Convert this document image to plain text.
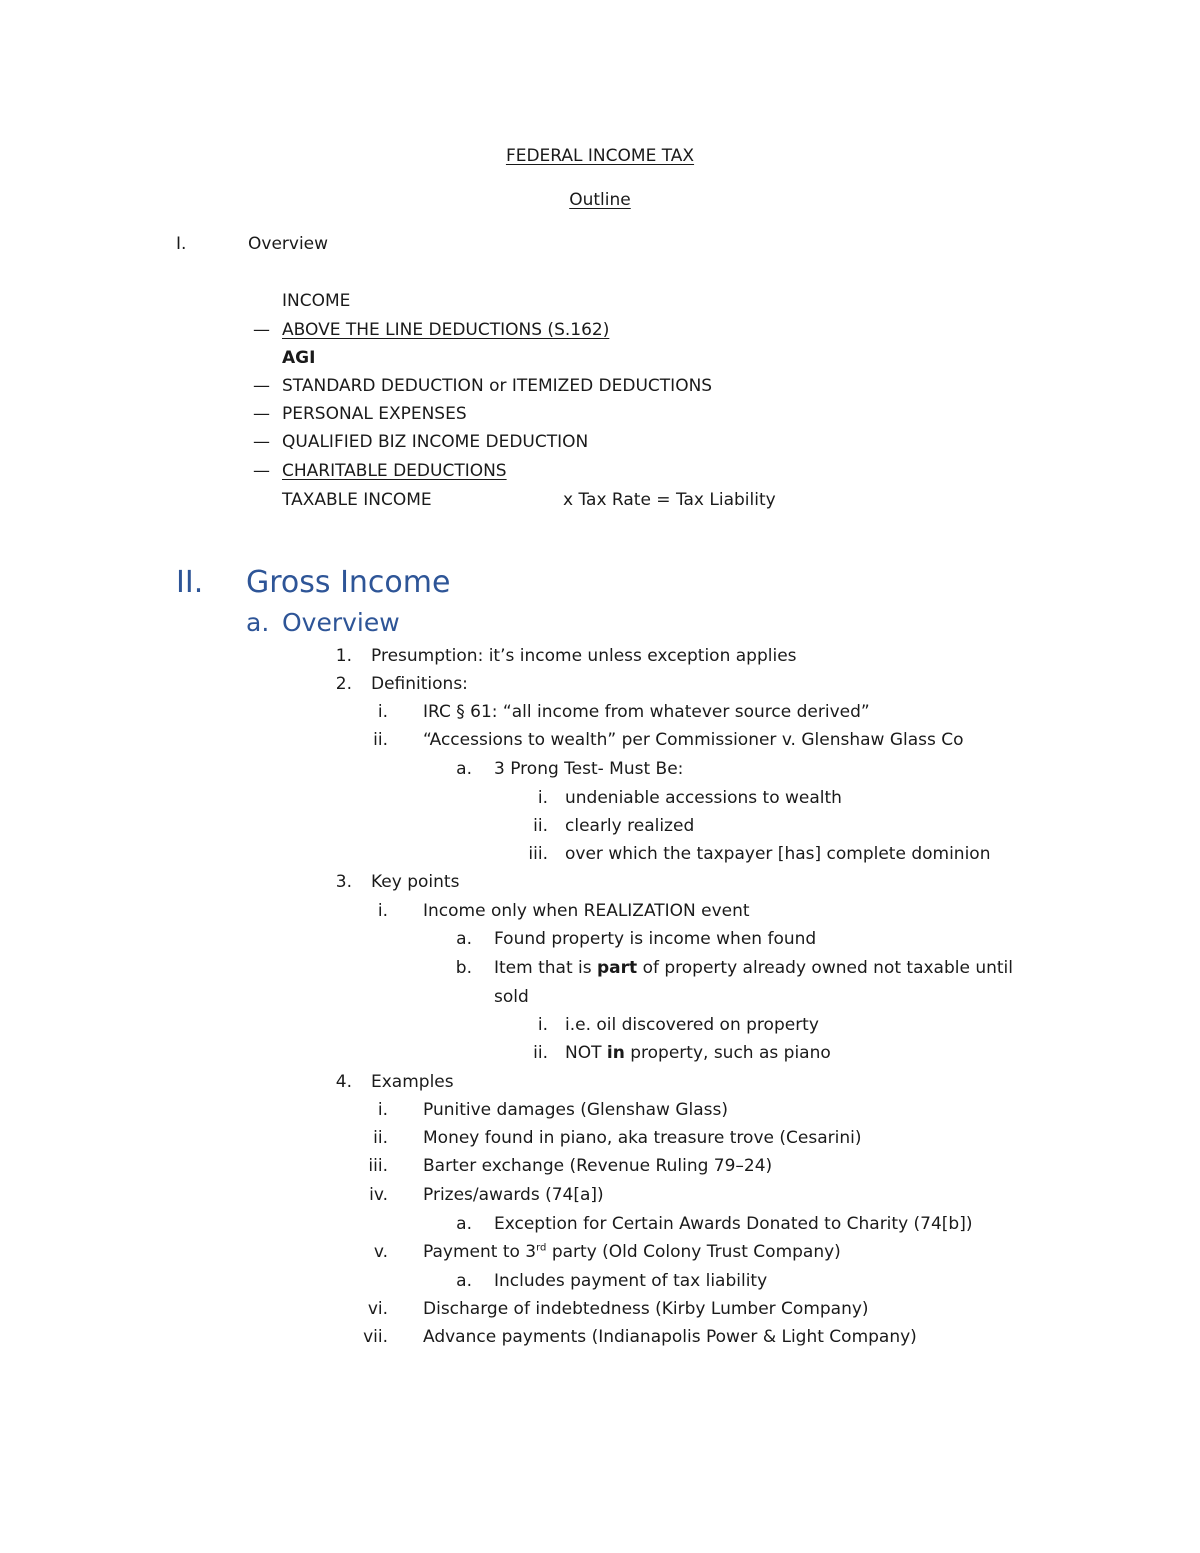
FEDERAL INCOME TAX
Outline
I.	Overview
INCOME
— ABOVE THE LINE DEDUCTIONS (S.162)
AGI
— STANDARD DEDUCTION or ITEMIZED DEDUCTIONS
— PERSONAL EXPENSES
— QUALIFIED BIZ INCOME DEDUCTION
— CHARITABLE DEDUCTIONS
TAXABLE INCOME	x Tax Rate = Tax Liability
II. Gross Income
a. Overview
1. Presumption: it’s income unless exception applies
2. Definitions:
i. IRC § 61: “all income from whatever source derived”
ii. “Accessions to wealth” per Commissioner v. Glenshaw Glass Co
a. 3 Prong Test- Must Be:
i. undeniable accessions to wealth
ii. clearly realized
iii. over which the taxpayer [has] complete dominion
3. Key points
i. Income only when REALIZATION event
a. Found property is income when found
b. Item that is part of property already owned not taxable until
sold
i. i.e. oil discovered on property
ii. NOT in property, such as piano
4. Examples
i. Punitive damages (Glenshaw Glass)
ii. Money found in piano, aka treasure trove (Cesarini)
iii. Barter exchange (Revenue Ruling 79–24)
iv. Prizes/awards (74[a])
a. Exception for Certain Awards Donated to Charity (74[b])
v. Payment to 3rd party (Old Colony Trust Company)
a. Includes payment of tax liability
vi. Discharge of indebtedness (Kirby Lumber Company)
vii. Advance payments (Indianapolis Power & Light Company)
